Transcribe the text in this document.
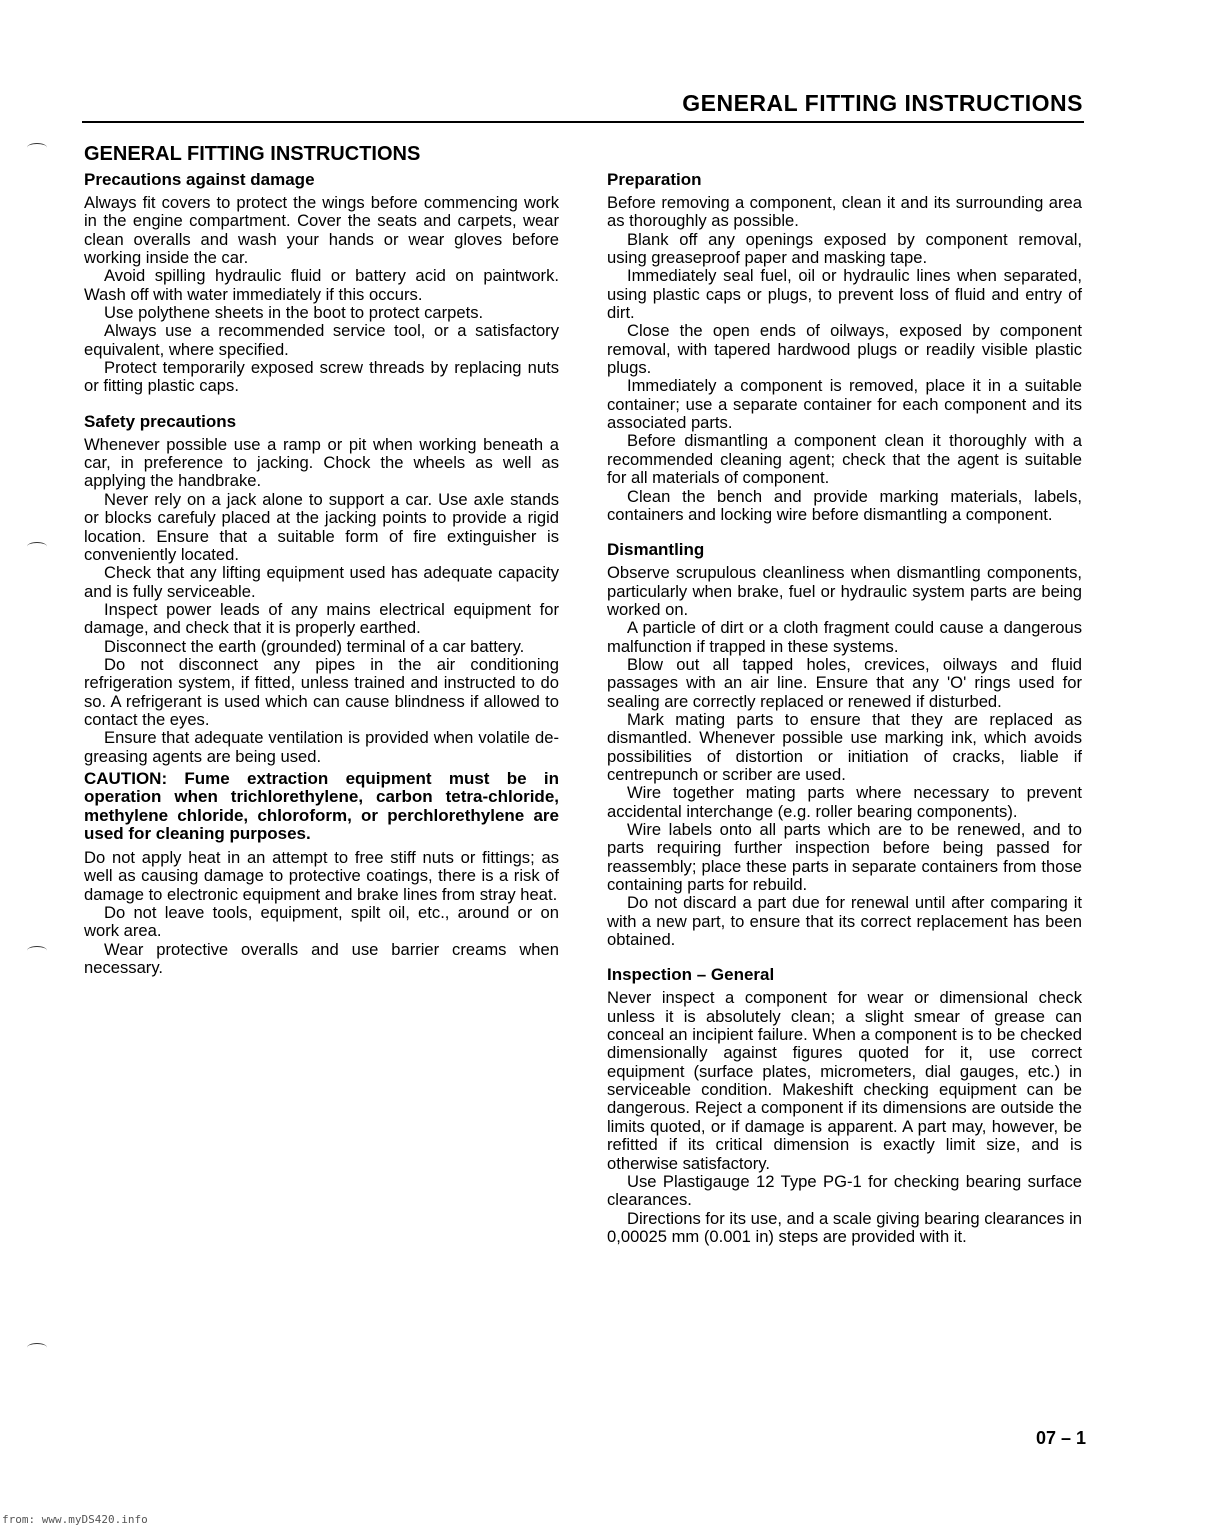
GENERAL FITTING INSTRUCTIONS
GENERAL FITTING INSTRUCTIONS
Precautions against damage

Always fit covers to protect the wings before commencing work in the engine compartment. Cover the seats and carpets, wear clean overalls and wash your hands or wear gloves before working inside the car.

Avoid spilling hydraulic fluid or battery acid on paintwork. Wash off with water immediately if this occurs.

Use polythene sheets in the boot to protect carpets.

Always use a recommended service tool, or a satisfactory equivalent, where specified.

Protect temporarily exposed screw threads by replacing nuts or fitting plastic caps.

Safety precautions

Whenever possible use a ramp or pit when working beneath a car, in preference to jacking. Chock the wheels as well as applying the handbrake.

Never rely on a jack alone to support a car. Use axle stands or blocks carefuly placed at the jacking points to provide a rigid location. Ensure that a suitable form of fire extinguisher is conveniently located.

Check that any lifting equipment used has adequate capacity and is fully serviceable.

Inspect power leads of any mains electrical equipment for damage, and check that it is properly earthed.

Disconnect the earth (grounded) terminal of a car battery.

Do not disconnect any pipes in the air conditioning refrigeration system, if fitted, unless trained and instructed to do so. A refrigerant is used which can cause blindness if allowed to contact the eyes.

Ensure that adequate ventilation is provided when volatile de-greasing agents are being used.

CAUTION: Fume extraction equipment must be in operation when trichlorethylene, carbon tetra-chloride, methylene chloride, chloroform, or perchlorethylene are used for cleaning purposes.

Do not apply heat in an attempt to free stiff nuts or fittings; as well as causing damage to protective coatings, there is a risk of damage to electronic equipment and brake lines from stray heat.

Do not leave tools, equipment, spilt oil, etc., around or on work area.

Wear protective overalls and use barrier creams when necessary.

Preparation

Before removing a component, clean it and its surrounding area as thoroughly as possible.

Blank off any openings exposed by component removal, using greaseproof paper and masking tape.

Immediately seal fuel, oil or hydraulic lines when separated, using plastic caps or plugs, to prevent loss of fluid and entry of dirt.

Close the open ends of oilways, exposed by component removal, with tapered hardwood plugs or readily visible plastic plugs.

Immediately a component is removed, place it in a suitable container; use a separate container for each component and its associated parts.

Before dismantling a component clean it thoroughly with a recommended cleaning agent; check that the agent is suitable for all materials of component.

Clean the bench and provide marking materials, labels, containers and locking wire before dismantling a component.

Dismantling

Observe scrupulous cleanliness when dismantling components, particularly when brake, fuel or hydraulic system parts are being worked on.

A particle of dirt or a cloth fragment could cause a dangerous malfunction if trapped in these systems.

Blow out all tapped holes, crevices, oilways and fluid passages with an air line. Ensure that any 'O' rings used for sealing are correctly replaced or renewed if disturbed.

Mark mating parts to ensure that they are replaced as dismantled. Whenever possible use marking ink, which avoids possibilities of distortion or initiation of cracks, liable if centrepunch or scriber are used.

Wire together mating parts where necessary to prevent accidental interchange (e.g. roller bearing components).

Wire labels onto all parts which are to be renewed, and to parts requiring further inspection before being passed for reassembly; place these parts in separate containers from those containing parts for rebuild.

Do not discard a part due for renewal until after comparing it with a new part, to ensure that its correct replacement has been obtained.

Inspection – General

Never inspect a component for wear or dimensional check unless it is absolutely clean; a slight smear of grease can conceal an incipient failure. When a component is to be checked dimensionally against figures quoted for it, use correct equipment (surface plates, micrometers, dial gauges, etc.) in serviceable condition. Makeshift checking equipment can be dangerous. Reject a component if its dimensions are outside the limits quoted, or if damage is apparent. A part may, however, be refitted if its critical dimension is exactly limit size, and is otherwise satisfactory.

Use Plastigauge 12 Type PG-1 for checking bearing surface clearances.

Directions for its use, and a scale giving bearing clearances in 0,00025 mm (0.001 in) steps are provided with it.

07 – 1
from: www.myDS420.info
